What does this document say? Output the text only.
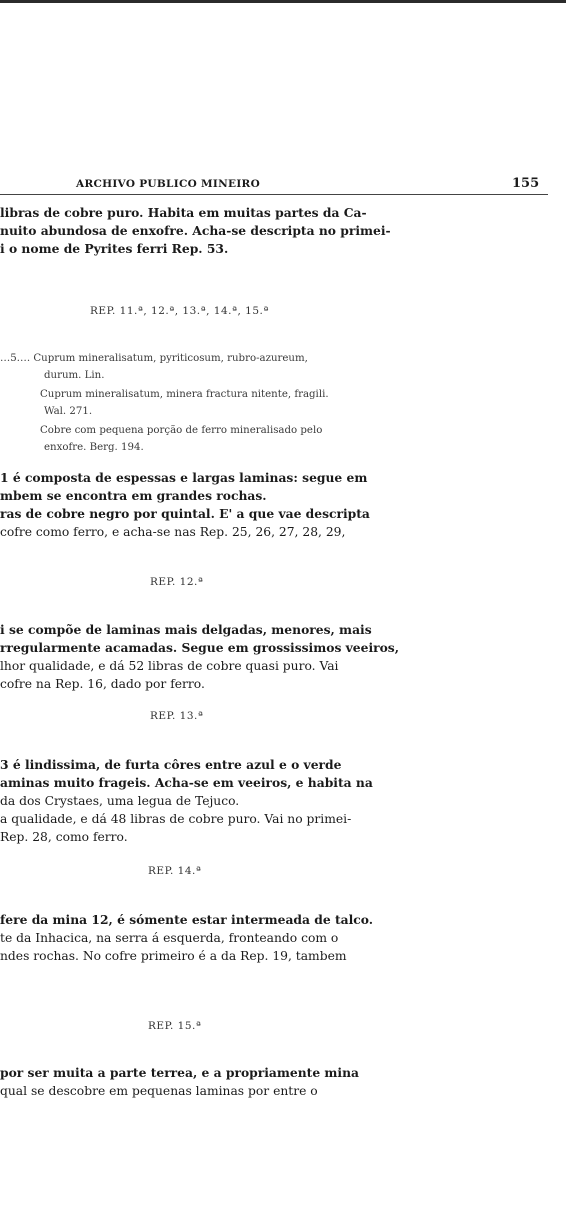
ARCHIVO PUBLICO MINEIRO	155

libras de cobre puro. Habita em muitas partes da Ca-

nuito abundosa de enxofre. Acha-se descripta no primei-

i o nome de Pyrites ferri Rep. 53.

REP. 11.ª, 12.ª, 13.ª, 14.ª, 15.ª

…5…. Cuprum mineralisatum, pyriticosum, rubro-azureum,

durum. Lin.

Cuprum mineralisatum, minera fractura nitente, fragili.

Wal. 271.

Cobre com pequena porção de ferro mineralisado pelo

enxofre. Berg. 194.

1 é composta de espessas e largas laminas: segue em

mbem se encontra em grandes rochas.

ras de cobre negro por quintal. E' a que vae descripta

cofre como ferro, e acha-se nas Rep. 25, 26, 27, 28, 29,

REP. 12.ª

i se compõe de laminas mais delgadas, menores, mais

rregularmente acamadas. Segue em grossissimos veeiros,

lhor qualidade, e dá 52 libras de cobre quasi puro. Vai

cofre na Rep. 16, dado por ferro.

REP. 13.ª

3 é lindissima, de furta côres entre azul e o verde

aminas muito frageis. Acha-se em veeiros, e habita na

da dos Crystaes, uma legua de Tejuco.

a qualidade, e dá 48 libras de cobre puro. Vai no primei-

Rep. 28, como ferro.

REP. 14.ª

fere da mina 12, é sómente estar intermeada de talco.

te da Inhacica, na serra á esquerda, fronteando com o

ndes rochas. No cofre primeiro é a da Rep. 19, tambem

REP. 15.ª

por ser muita a parte terrea, e a propriamente mina

qual se descobre em pequenas laminas por entre o
